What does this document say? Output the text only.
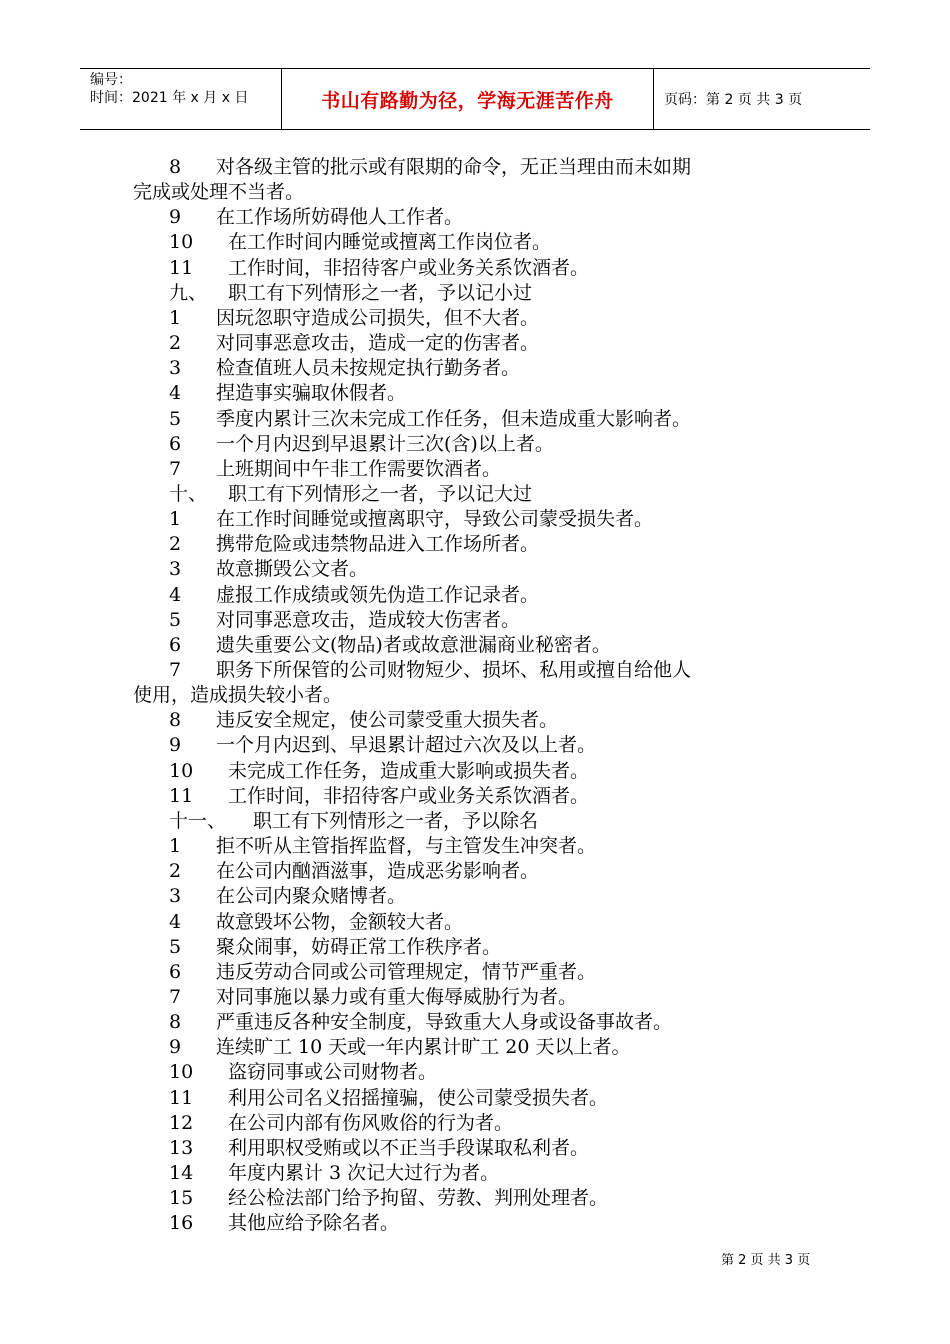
编号：
时间：2021 年 x 月 x 日	书山有路勤为径，学海无涯苦作舟	页码：第 2 页 共 3 页
8 对各级主管的批示或有限期的命令，无正当理由而未如期
完成或处理不当者。
9 在工作场所妨碍他人工作者。
10 在工作时间内睡觉或擅离工作岗位者。
11 工作时间，非招待客户或业务关系饮酒者。
九、 职工有下列情形之一者，予以记小过
1 因玩忽职守造成公司损失，但不大者。
2 对同事恶意攻击，造成一定的伤害者。
3 检查值班人员未按规定执行勤务者。
4 捏造事实骗取休假者。
5 季度内累计三次未完成工作任务，但未造成重大影响者。
6 一个月内迟到早退累计三次(含)以上者。
7 上班期间中午非工作需要饮酒者。
十、 职工有下列情形之一者，予以记大过
1 在工作时间睡觉或擅离职守，导致公司蒙受损失者。
2 携带危险或违禁物品进入工作场所者。
3 故意撕毁公文者。
4 虚报工作成绩或领先伪造工作记录者。
5 对同事恶意攻击，造成较大伤害者。
6 遗失重要公文(物品)者或故意泄漏商业秘密者。
7 职务下所保管的公司财物短少、损坏、私用或擅自给他人
使用，造成损失较小者。
8 违反安全规定，使公司蒙受重大损失者。
9 一个月内迟到、早退累计超过六次及以上者。
10 未完成工作任务，造成重大影响或损失者。
11 工作时间，非招待客户或业务关系饮酒者。
十一、 职工有下列情形之一者，予以除名
1 拒不听从主管指挥监督，与主管发生冲突者。
2 在公司内酗酒滋事，造成恶劣影响者。
3 在公司内聚众赌博者。
4 故意毁坏公物，金额较大者。
5 聚众闹事，妨碍正常工作秩序者。
6 违反劳动合同或公司管理规定，情节严重者。
7 对同事施以暴力或有重大侮辱威胁行为者。
8 严重违反各种安全制度，导致重大人身或设备事故者。
9 连续旷工 10 天或一年内累计旷工 20 天以上者。
10 盗窃同事或公司财物者。
11 利用公司名义招摇撞骗，使公司蒙受损失者。
12 在公司内部有伤风败俗的行为者。
13 利用职权受贿或以不正当手段谋取私利者。
14 年度内累计 3 次记大过行为者。
15 经公检法部门给予拘留、劳教、判刑处理者。
16 其他应给予除名者。
第 2 页 共 3 页
